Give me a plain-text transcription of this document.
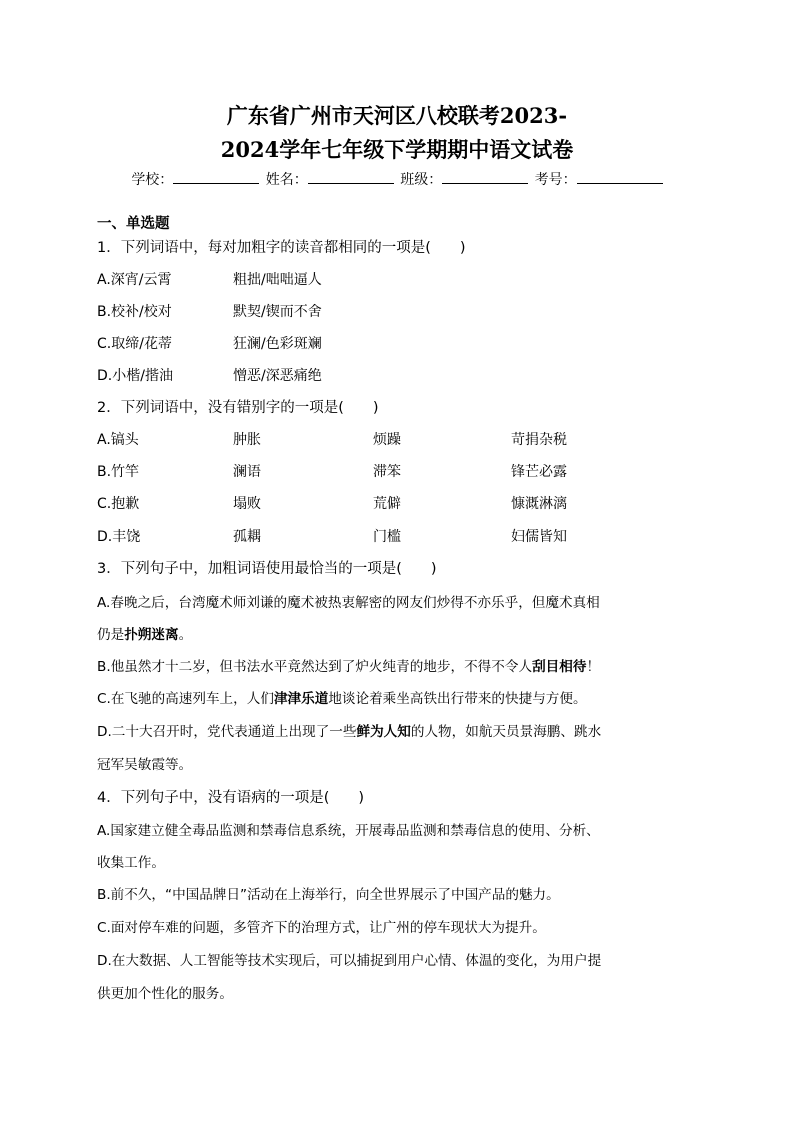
广东省广州市天河区八校联考2023-
2024学年七年级下学期期中语文试卷
学校：	姓名：	班级：	考号：
一、单选题
1．下列词语中，每对加粗字的读音都相同的一项是(　　)
A.深宵/云霄	粗拙/咄咄逼人
B.校补/校对	默契/锲而不舍
C.取缔/花蒂	狂澜/色彩斑斓
D.小楷/揩油	憎恶/深恶痛绝
2．下列词语中，没有错别字的一项是(　　)
A.镐头	肿胀	烦躁	苛捐杂税
B.竹竿	澜语	滞笨	锋芒必露
C.抱歉	塌败	荒僻	慷溉淋漓
D.丰饶	孤耦	门槛	妇儒皆知
3．下列句子中，加粗词语使用最恰当的一项是(　　)
A.春晚之后，台湾魔术师刘谦的魔术被热衷解密的网友们炒得不亦乐乎，但魔术真相
仍是扑朔迷离。
B.他虽然才十二岁，但书法水平竟然达到了炉火纯青的地步，不得不令人刮目相待！
C.在飞驰的高速列车上，人们津津乐道地谈论着乘坐高铁出行带来的快捷与方便。
D.二十大召开时，党代表通道上出现了一些鲜为人知的人物，如航天员景海鹏、跳水
冠军吴敏霞等。
4．下列句子中，没有语病的一项是(　　)
A.国家建立健全毒品监测和禁毒信息系统，开展毒品监测和禁毒信息的使用、分析、
收集工作。
B.前不久，“中国品牌日”活动在上海举行，向全世界展示了中国产品的魅力。
C.面对停车难的问题，多管齐下的治理方式，让广州的停车现状大为提升。
D.在大数据、人工智能等技术实现后，可以捕捉到用户心情、体温的变化，为用户提
供更加个性化的服务。
